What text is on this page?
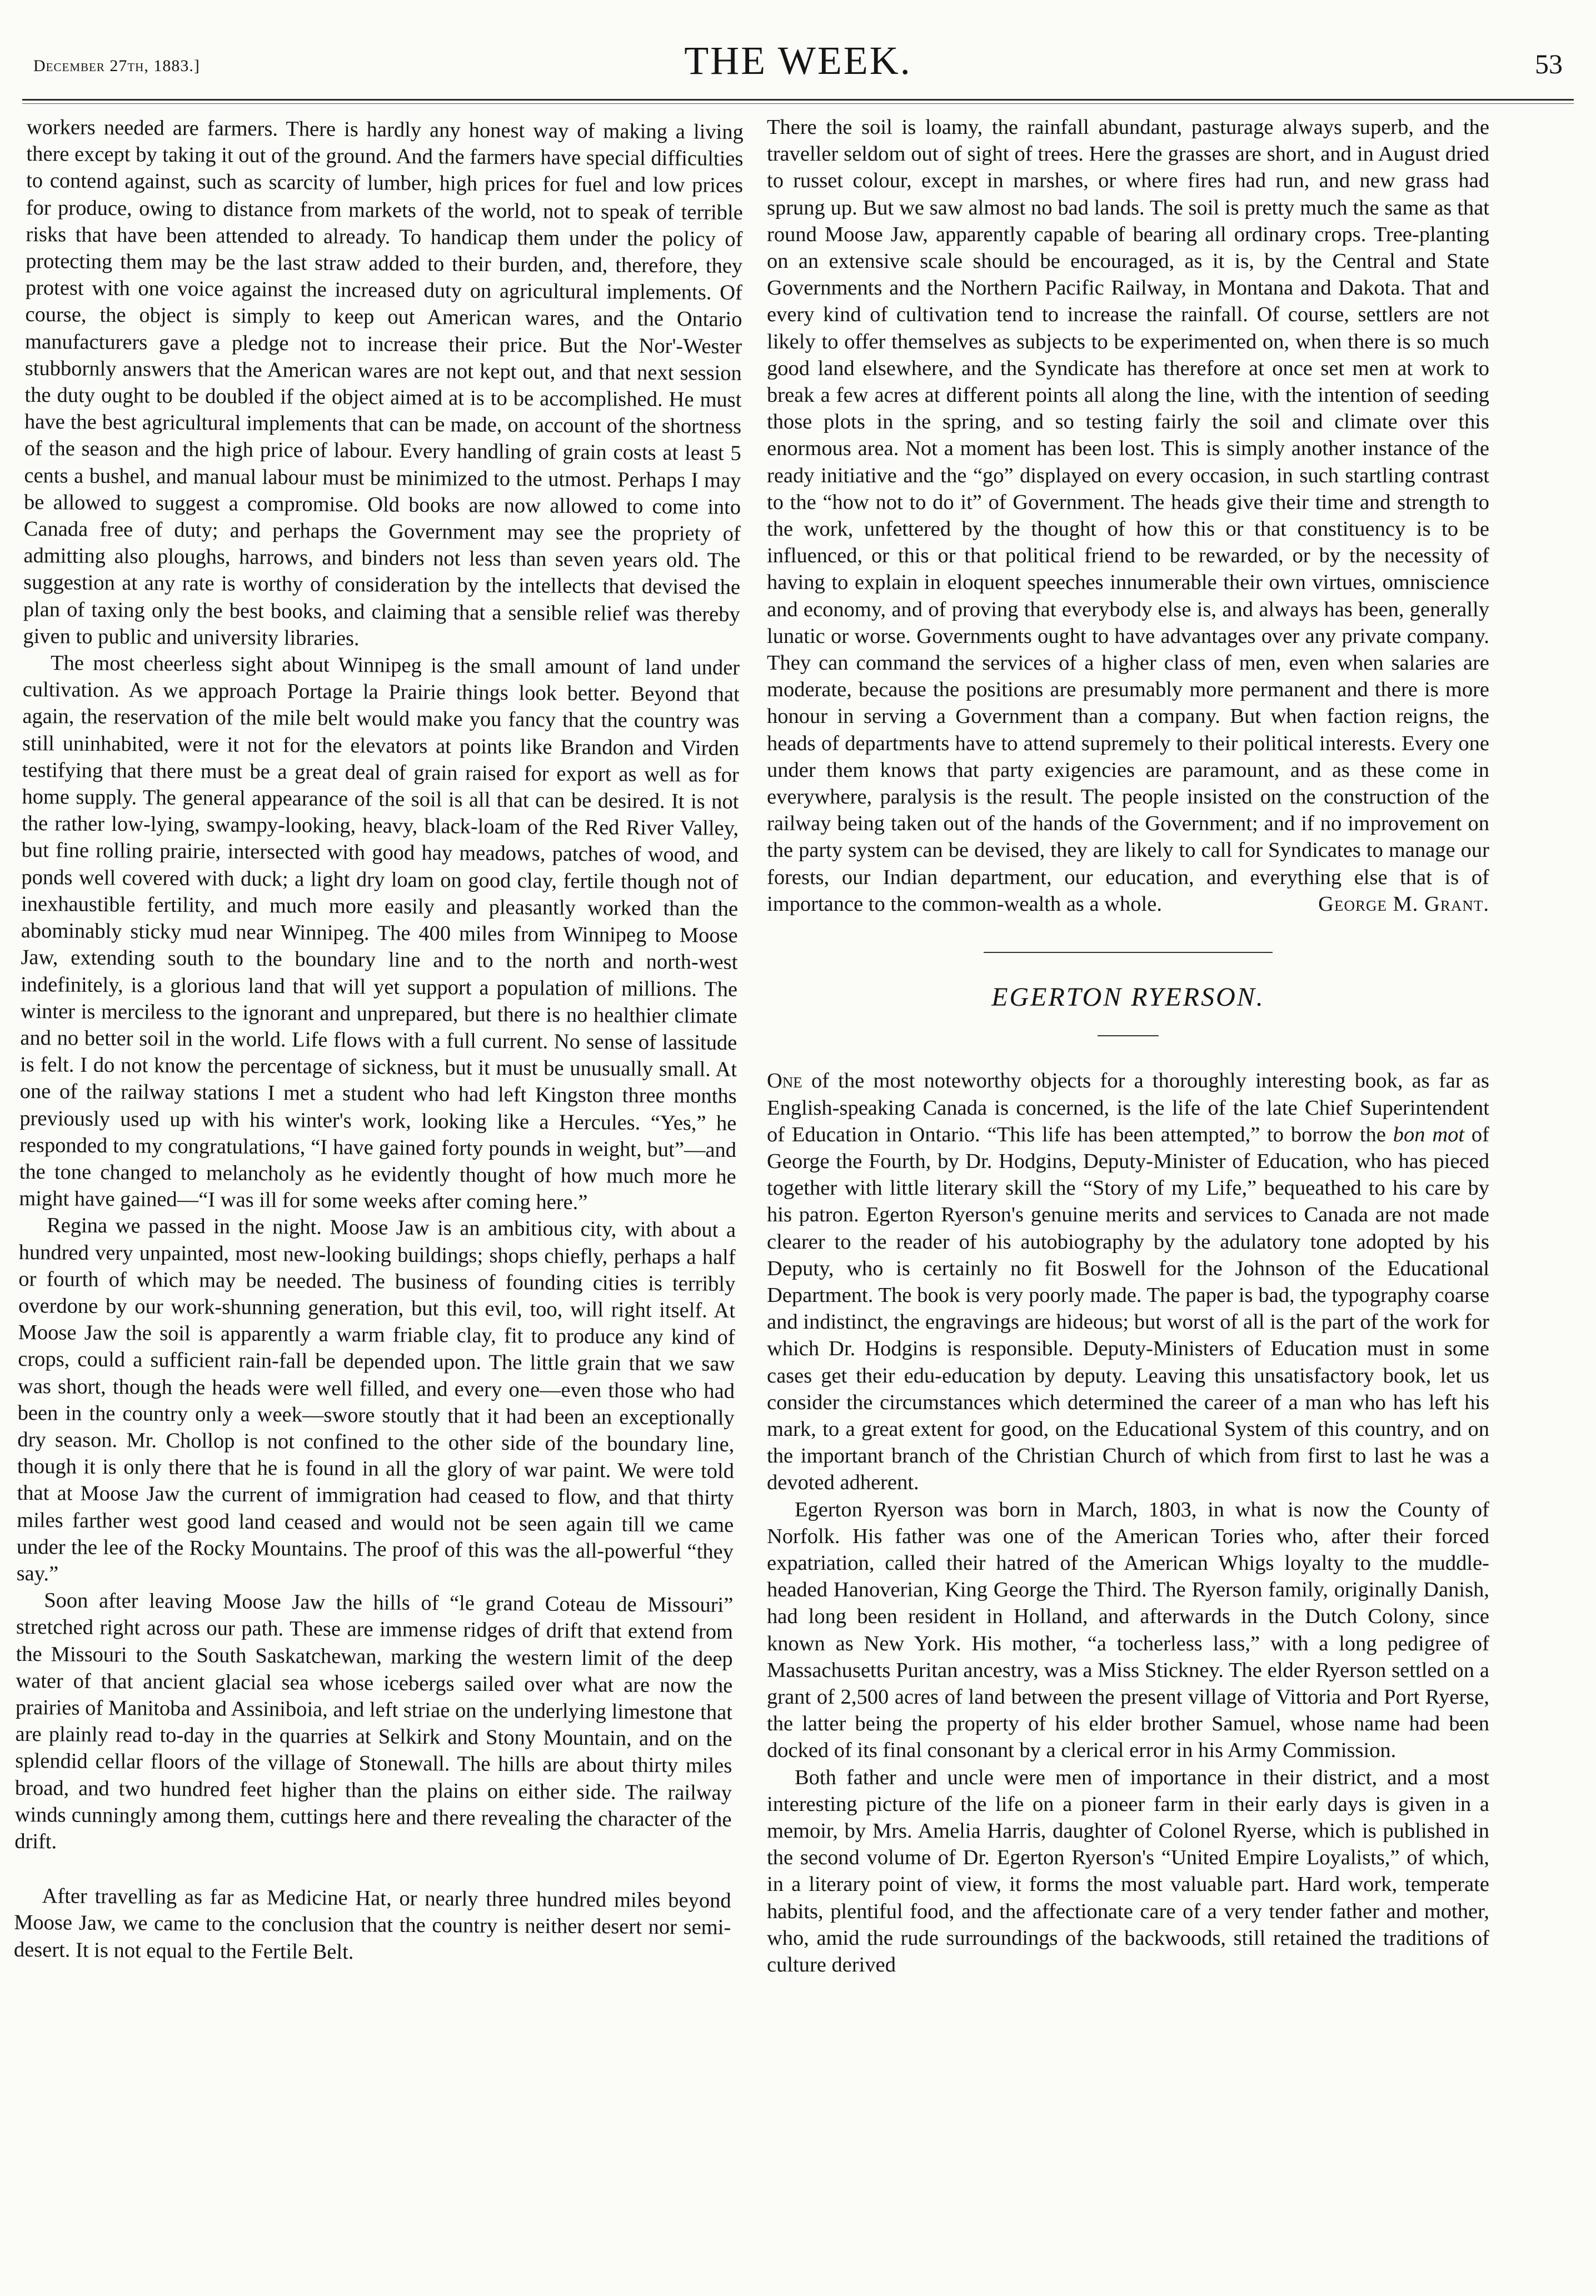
December 27th, 1883.]	THE WEEK.	53

workers needed are farmers. There is hardly any honest way of making a living there except by taking it out of the ground. And the farmers have special difficulties to contend against, such as scarcity of lumber, high prices for fuel and low prices for produce, owing to distance from markets of the world, not to speak of terrible risks that have been attended to already. To handicap them under the policy of protecting them may be the last straw added to their burden, and, therefore, they protest with one voice against the increased duty on agricultural implements. Of course, the object is simply to keep out American wares, and the Ontario manufacturers gave a pledge not to increase their price. But the Nor'-Wester stubbornly answers that the American wares are not kept out, and that next session the duty ought to be doubled if the object aimed at is to be accomplished. He must have the best agricultural implements that can be made, on account of the shortness of the season and the high price of labour. Every handling of grain costs at least 5 cents a bushel, and manual labour must be minimized to the utmost. Perhaps I may be allowed to suggest a compromise. Old books are now allowed to come into Canada free of duty; and perhaps the Government may see the propriety of admitting also ploughs, harrows, and binders not less than seven years old. The suggestion at any rate is worthy of consideration by the intellects that devised the plan of taxing only the best books, and claiming that a sensible relief was thereby given to public and university libraries.

The most cheerless sight about Winnipeg is the small amount of land under cultivation. As we approach Portage la Prairie things look better. Beyond that again, the reservation of the mile belt would make you fancy that the country was still uninhabited, were it not for the elevators at points like Brandon and Virden testifying that there must be a great deal of grain raised for export as well as for home supply. The general appearance of the soil is all that can be desired. It is not the rather low-lying, swampy-looking, heavy, black-loam of the Red River Valley, but fine rolling prairie, intersected with good hay meadows, patches of wood, and ponds well covered with duck; a light dry loam on good clay, fertile though not of inexhaustible fertility, and much more easily and pleasantly worked than the abominably sticky mud near Winnipeg. The 400 miles from Winnipeg to Moose Jaw, extending south to the boundary line and to the north and north-west indefinitely, is a glorious land that will yet support a population of millions. The winter is merciless to the ignorant and unprepared, but there is no healthier climate and no better soil in the world. Life flows with a full current. No sense of lassitude is felt. I do not know the percentage of sickness, but it must be unusually small. At one of the railway stations I met a student who had left Kingston three months previously used up with his winter's work, looking like a Hercules. “Yes,” he responded to my congratulations, “I have gained forty pounds in weight, but”—and the tone changed to melancholy as he evidently thought of how much more he might have gained—“I was ill for some weeks after coming here.”

Regina we passed in the night. Moose Jaw is an ambitious city, with about a hundred very unpainted, most new-looking buildings; shops chiefly, perhaps a half or fourth of which may be needed. The business of founding cities is terribly overdone by our work-shunning generation, but this evil, too, will right itself. At Moose Jaw the soil is apparently a warm friable clay, fit to produce any kind of crops, could a sufficient rain-fall be depended upon. The little grain that we saw was short, though the heads were well filled, and every one—even those who had been in the country only a week—swore stoutly that it had been an exceptionally dry season. Mr. Chollop is not confined to the other side of the boundary line, though it is only there that he is found in all the glory of war paint. We were told that at Moose Jaw the current of immigration had ceased to flow, and that thirty miles farther west good land ceased and would not be seen again till we came under the lee of the Rocky Mountains. The proof of this was the all-powerful “they say.”

Soon after leaving Moose Jaw the hills of “le grand Coteau de Missouri” stretched right across our path. These are immense ridges of drift that extend from the Missouri to the South Saskatchewan, marking the western limit of the deep water of that ancient glacial sea whose icebergs sailed over what are now the prairies of Manitoba and Assiniboia, and left striae on the underlying limestone that are plainly read to-day in the quarries at Selkirk and Stony Mountain, and on the splendid cellar floors of the village of Stonewall. The hills are about thirty miles broad, and two hundred feet higher than the plains on either side. The railway winds cunningly among them, cuttings here and there revealing the character of the drift.

After travelling as far as Medicine Hat, or nearly three hundred miles beyond Moose Jaw, we came to the conclusion that the country is neither desert nor semi-desert. It is not equal to the Fertile Belt.

There the soil is loamy, the rainfall abundant, pasturage always superb, and the traveller seldom out of sight of trees. Here the grasses are short, and in August dried to russet colour, except in marshes, or where fires had run, and new grass had sprung up. But we saw almost no bad lands. The soil is pretty much the same as that round Moose Jaw, apparently capable of bearing all ordinary crops. Tree-planting on an extensive scale should be encouraged, as it is, by the Central and State Governments and the Northern Pacific Railway, in Montana and Dakota. That and every kind of cultivation tend to increase the rainfall. Of course, settlers are not likely to offer themselves as subjects to be experimented on, when there is so much good land elsewhere, and the Syndicate has therefore at once set men at work to break a few acres at different points all along the line, with the intention of seeding those plots in the spring, and so testing fairly the soil and climate over this enormous area. Not a moment has been lost. This is simply another instance of the ready initiative and the “go” displayed on every occasion, in such startling contrast to the “how not to do it” of Government. The heads give their time and strength to the work, unfettered by the thought of how this or that constituency is to be influenced, or this or that political friend to be rewarded, or by the necessity of having to explain in eloquent speeches innumerable their own virtues, omniscience and economy, and of proving that everybody else is, and always has been, generally lunatic or worse. Governments ought to have advantages over any private company. They can command the services of a higher class of men, even when salaries are moderate, because the positions are presumably more permanent and there is more honour in serving a Government than a company. But when faction reigns, the heads of departments have to attend supremely to their political interests. Every one under them knows that party exigencies are paramount, and as these come in everywhere, paralysis is the result. The people insisted on the construction of the railway being taken out of the hands of the Government; and if no improvement on the party system can be devised, they are likely to call for Syndicates to manage our forests, our Indian department, our education, and everything else that is of importance to the common-wealth as a whole.	George M. Grant.

EGERTON RYERSON.

One of the most noteworthy objects for a thoroughly interesting book, as far as English-speaking Canada is concerned, is the life of the late Chief Superintendent of Education in Ontario. “This life has been attempted,” to borrow the bon mot of George the Fourth, by Dr. Hodgins, Deputy-Minister of Education, who has pieced together with little literary skill the “Story of my Life,” bequeathed to his care by his patron. Egerton Ryerson's genuine merits and services to Canada are not made clearer to the reader of his autobiography by the adulatory tone adopted by his Deputy, who is certainly no fit Boswell for the Johnson of the Educational Department. The book is very poorly made. The paper is bad, the typography coarse and indistinct, the engravings are hideous; but worst of all is the part of the work for which Dr. Hodgins is responsible. Deputy-Ministers of Education must in some cases get their edu-education by deputy. Leaving this unsatisfactory book, let us consider the circumstances which determined the career of a man who has left his mark, to a great extent for good, on the Educational System of this country, and on the important branch of the Christian Church of which from first to last he was a devoted adherent.

Egerton Ryerson was born in March, 1803, in what is now the County of Norfolk. His father was one of the American Tories who, after their forced expatriation, called their hatred of the American Whigs loyalty to the muddle-headed Hanoverian, King George the Third. The Ryerson family, originally Danish, had long been resident in Holland, and afterwards in the Dutch Colony, since known as New York. His mother, “a tocherless lass,” with a long pedigree of Massachusetts Puritan ancestry, was a Miss Stickney. The elder Ryerson settled on a grant of 2,500 acres of land between the present village of Vittoria and Port Ryerse, the latter being the property of his elder brother Samuel, whose name had been docked of its final consonant by a clerical error in his Army Commission.

Both father and uncle were men of importance in their district, and a most interesting picture of the life on a pioneer farm in their early days is given in a memoir, by Mrs. Amelia Harris, daughter of Colonel Ryerse, which is published in the second volume of Dr. Egerton Ryerson's “United Empire Loyalists,” of which, in a literary point of view, it forms the most valuable part. Hard work, temperate habits, plentiful food, and the affectionate care of a very tender father and mother, who, amid the rude surroundings of the backwoods, still retained the traditions of culture derived
